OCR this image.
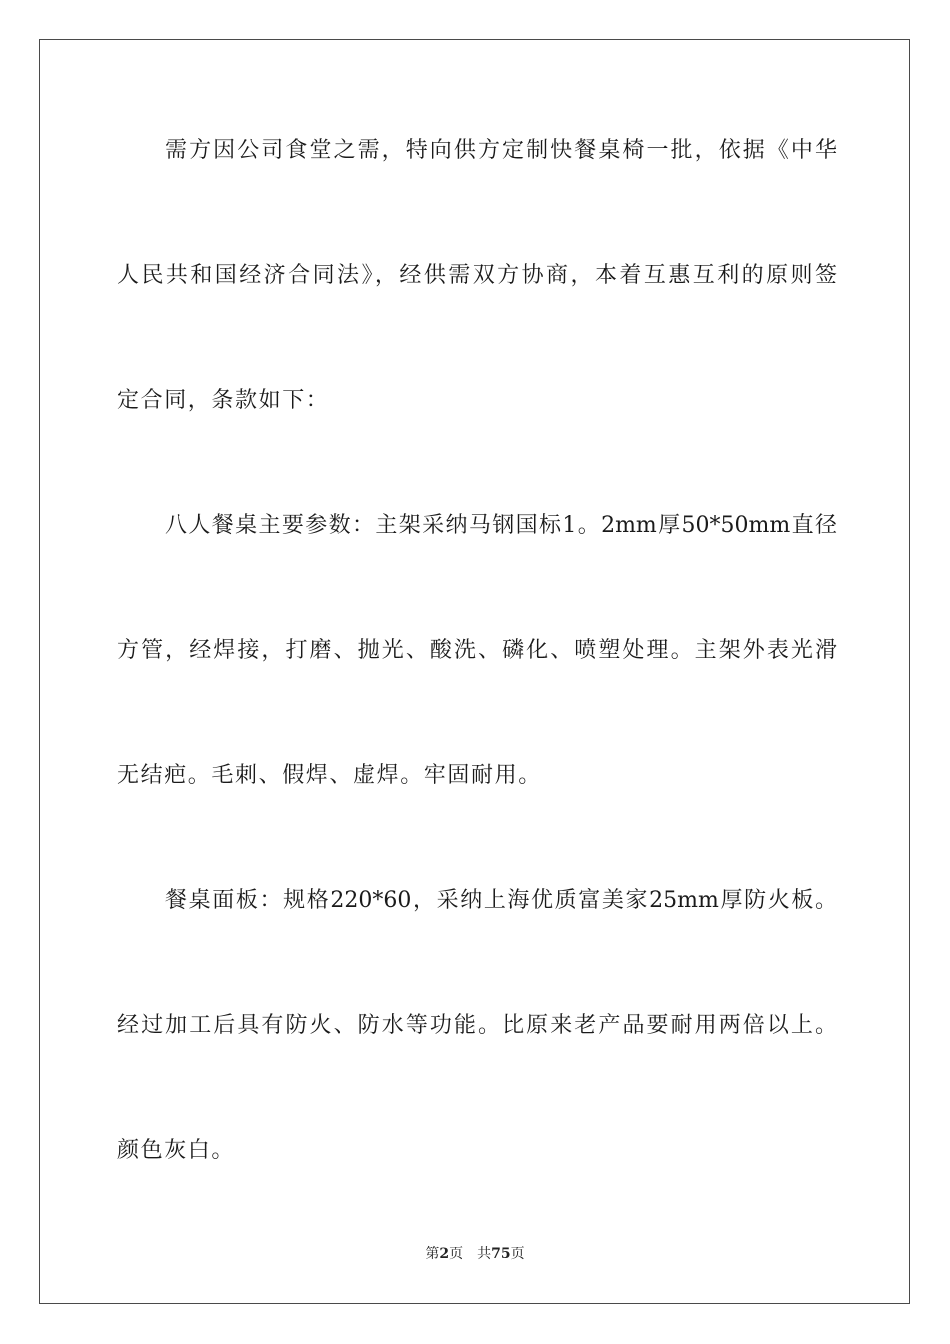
需方因公司食堂之需，特向供方定制快餐桌椅一批，依据《中华
人民共和国经济合同法》，经供需双方协商，本着互惠互利的原则签
定合同，条款如下：
八人餐桌主要参数：主架采纳马钢国标1。2mm厚50*50mm直径
方管，经焊接，打磨、抛光、酸洗、磷化、喷塑处理。主架外表光滑
无结疤。毛刺、假焊、虚焊。牢固耐用。
餐桌面板：规格220*60，采纳上海优质富美家25mm厚防火板。
经过加工后具有防火、防水等功能。比原来老产品要耐用两倍以上。
颜色灰白。
第2页 共75页
